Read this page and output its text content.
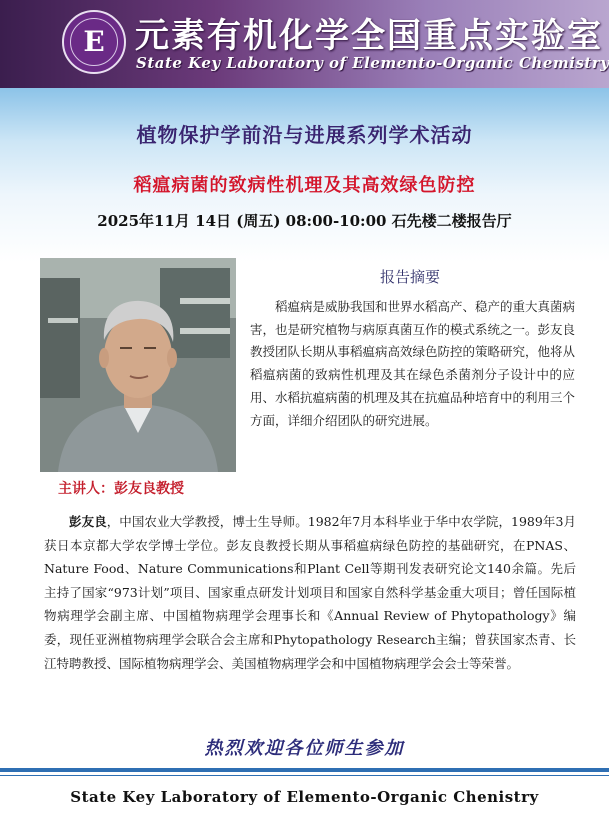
E 元素有机化学全国重点实验室
State Key Laboratory of Elemento-Organic Chemistry
植物保护学前沿与进展系列学术活动
稻瘟病菌的致病性机理及其高效绿色防控
2025年11月 14日 (周五) 08:00-10:00 石先楼二楼报告厅
主讲人：彭友良教授
报告摘要
稻瘟病是威胁我国和世界水稻高产、稳产的重大真菌病害，也是研究植物与病原真菌互作的模式系统之一。彭友良教授团队长期从事稻瘟病高效绿色防控的策略研究，他将从稻瘟病菌的致病性机理及其在绿色杀菌剂分子设计中的应用、水稻抗瘟病菌的机理及其在抗瘟品种培育中的利用三个方面，详细介绍团队的研究进展。
彭友良，中国农业大学教授，博士生导师。1982年7月本科毕业于华中农学院，1989年3月获日本京都大学农学博士学位。彭友良教授长期从事稻瘟病绿色防控的基础研究，在PNAS、Nature Food、Nature Communications和Plant Cell等期刊发表研究论文140余篇。先后主持了国家“973计划”项目、国家重点研发计划项目和国家自然科学基金重大项目；曾任国际植物病理学会副主席、中国植物病理学会理事长和《Annual Review of Phytopathology》编委，现任亚洲植物病理学会联合会主席和Phytopathology Research主编；曾获国家杰青、长江特聘教授、国际植物病理学会、美国植物病理学会和中国植物病理学会会士等荣誉。
热烈欢迎各位师生参加
State Key Laboratory of Elemento-Organic Chenistry
